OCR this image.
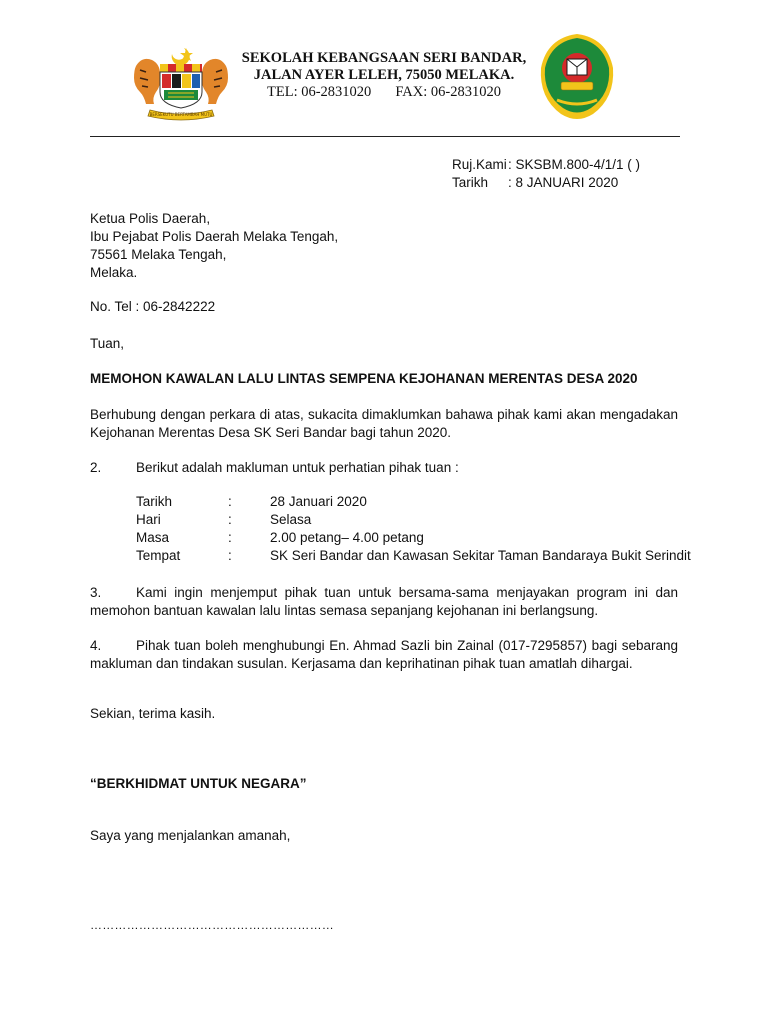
BERSEKUTU BERTAMBAH MUTU
SEKOLAH KEBANGSAAN SERI BANDAR,
JALAN AYER LELEH, 75050 MELAKA.
TEL: 06-2831020 FAX: 06-2831020
Ruj.Kami: SKSBM.800-4/1/1 ( )
Tarikh : 8 JANUARI 2020
Ketua Polis Daerah,
Ibu Pejabat Polis Daerah Melaka Tengah,
75561 Melaka Tengah,
Melaka.
No. Tel : 06-2842222
Tuan,
MEMOHON KAWALAN LALU LINTAS SEMPENA KEJOHANAN MERENTAS DESA 2020
Berhubung dengan perkara di atas, sukacita dimaklumkan bahawa pihak kami akan mengadakan Kejohanan Merentas Desa SK Seri Bandar bagi tahun 2020.
2.	Berikut adalah makluman untuk perhatian pihak tuan :
Tarikh	:	28 Januari 2020
Hari	:	Selasa
Masa	:	2.00 petang– 4.00 petang
Tempat	:	SK Seri Bandar dan Kawasan Sekitar Taman Bandaraya Bukit Serindit
3.	Kami ingin menjemput pihak tuan untuk bersama-sama menjayakan program ini dan memohon bantuan kawalan lalu lintas semasa sepanjang kejohanan ini berlangsung.
4.	Pihak tuan boleh menghubungi En. Ahmad Sazli bin Zainal (017-7295857) bagi sebarang makluman dan tindakan susulan. Kerjasama dan keprihatinan pihak tuan amatlah dihargai.
Sekian, terima kasih.
“BERKHIDMAT UNTUK NEGARA”
Saya yang menjalankan amanah,
……………………………………………………
